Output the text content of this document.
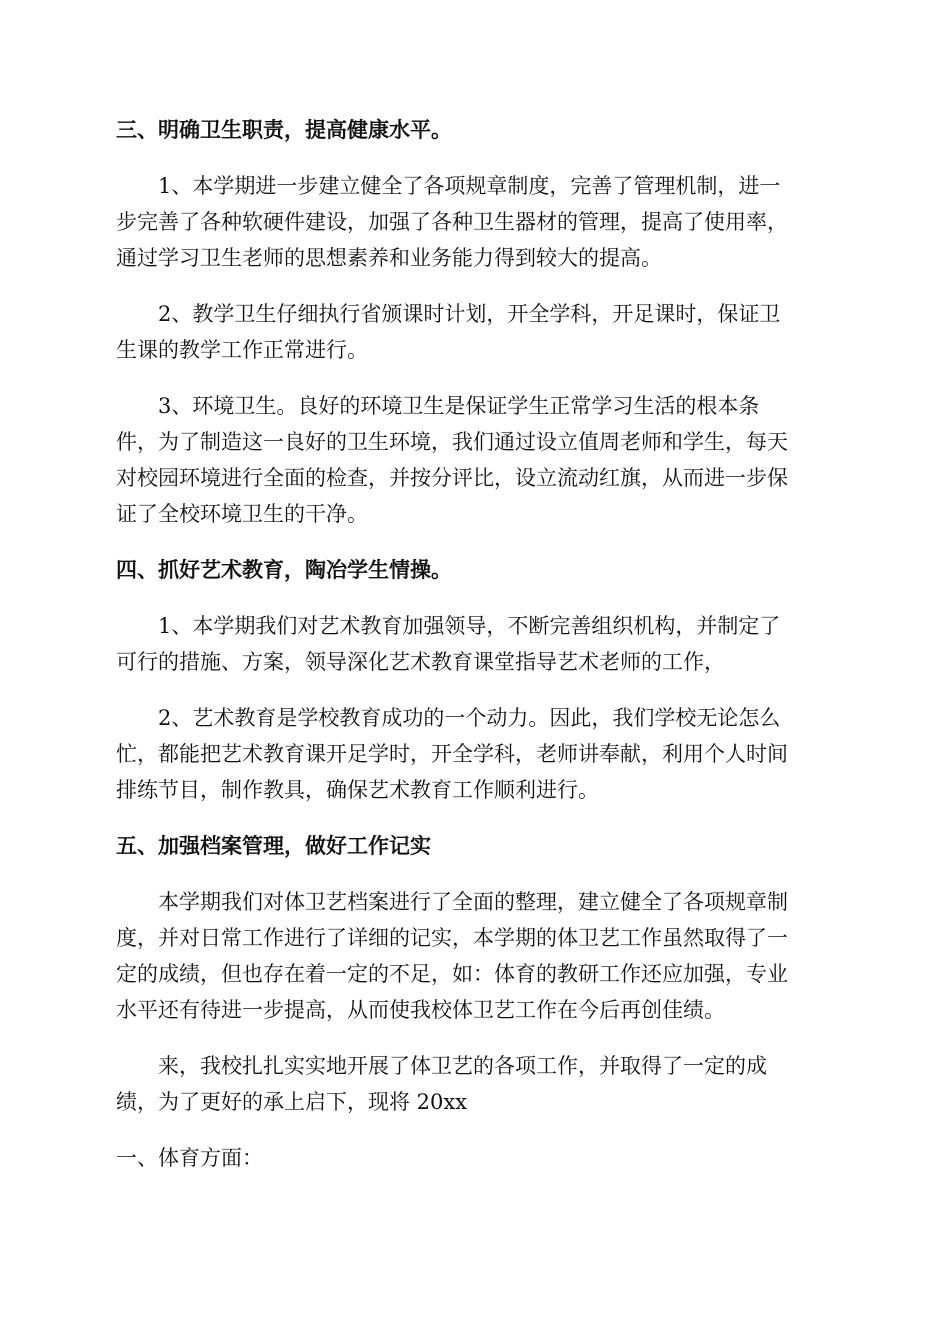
三、明确卫生职责，提高健康水平。

1、本学期进一步建立健全了各项规章制度，完善了管理机制，进一
步完善了各种软硬件建设，加强了各种卫生器材的管理，提高了使用率，
通过学习卫生老师的思想素养和业务能力得到较大的提高。

2、教学卫生仔细执行省颁课时计划，开全学科，开足课时，保证卫
生课的教学工作正常进行。

3、环境卫生。良好的环境卫生是保证学生正常学习生活的根本条
件，为了制造这一良好的卫生环境，我们通过设立值周老师和学生，每天
对校园环境进行全面的检查，并按分评比，设立流动红旗，从而进一步保
证了全校环境卫生的干净。

四、抓好艺术教育，陶冶学生情操。

1、本学期我们对艺术教育加强领导，不断完善组织机构，并制定了
可行的措施、方案，领导深化艺术教育课堂指导艺术老师的工作，

2、艺术教育是学校教育成功的一个动力。因此，我们学校无论怎么
忙，都能把艺术教育课开足学时，开全学科，老师讲奉献，利用个人时间
排练节目，制作教具，确保艺术教育工作顺利进行。

五、加强档案管理，做好工作记实

本学期我们对体卫艺档案进行了全面的整理，建立健全了各项规章制
度，并对日常工作进行了详细的记实，本学期的体卫艺工作虽然取得了一
定的成绩，但也存在着一定的不足，如：体育的教研工作还应加强，专业
水平还有待进一步提高，从而使我校体卫艺工作在今后再创佳绩。

来，我校扎扎实实地开展了体卫艺的各项工作，并取得了一定的成
绩，为了更好的承上启下，现将 20xx

一、体育方面：
